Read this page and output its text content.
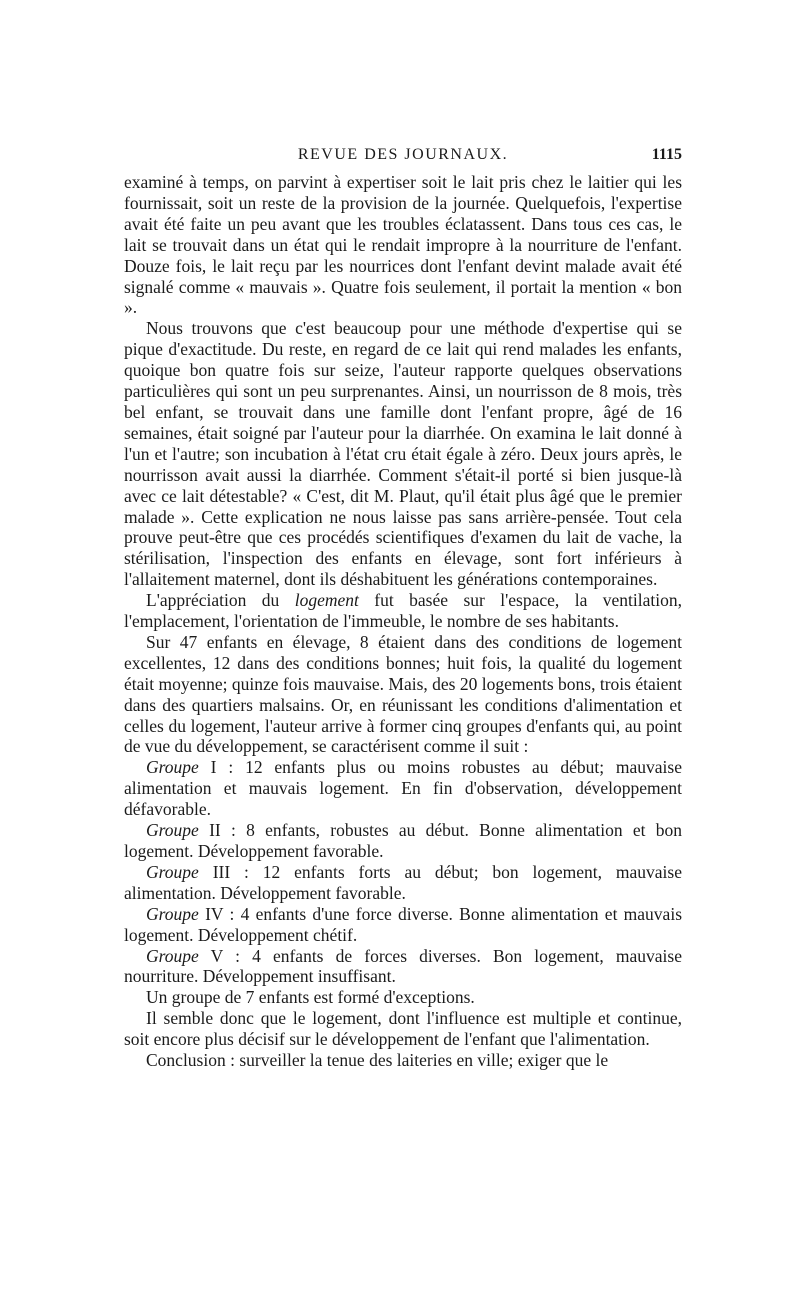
REVUE DES JOURNAUX.	1115

examiné à temps, on parvint à expertiser soit le lait pris chez le laitier qui les fournissait, soit un reste de la provision de la journée. Quelquefois, l'expertise avait été faite un peu avant que les troubles éclatassent. Dans tous ces cas, le lait se trouvait dans un état qui le rendait impropre à la nourriture de l'enfant. Douze fois, le lait reçu par les nourrices dont l'enfant devint malade avait été signalé comme « mauvais ». Quatre fois seulement, il portait la mention « bon ».

Nous trouvons que c'est beaucoup pour une méthode d'expertise qui se pique d'exactitude. Du reste, en regard de ce lait qui rend malades les enfants, quoique bon quatre fois sur seize, l'auteur rapporte quelques observations particulières qui sont un peu surprenantes. Ainsi, un nourrisson de 8 mois, très bel enfant, se trouvait dans une famille dont l'enfant propre, âgé de 16 semaines, était soigné par l'auteur pour la diarrhée. On examina le lait donné à l'un et l'autre; son incubation à l'état cru était égale à zéro. Deux jours après, le nourrisson avait aussi la diarrhée. Comment s'était-il porté si bien jusque-là avec ce lait détestable? « C'est, dit M. Plaut, qu'il était plus âgé que le premier malade ». Cette explication ne nous laisse pas sans arrière-pensée. Tout cela prouve peut-être que ces procédés scientifiques d'examen du lait de vache, la stérilisation, l'inspection des enfants en élevage, sont fort inférieurs à l'allaitement maternel, dont ils déshabituent les générations contemporaines.

L'appréciation du logement fut basée sur l'espace, la ventilation, l'emplacement, l'orientation de l'immeuble, le nombre de ses habitants.

Sur 47 enfants en élevage, 8 étaient dans des conditions de logement excellentes, 12 dans des conditions bonnes; huit fois, la qualité du logement était moyenne; quinze fois mauvaise. Mais, des 20 logements bons, trois étaient dans des quartiers malsains. Or, en réunissant les conditions d'alimentation et celles du logement, l'auteur arrive à former cinq groupes d'enfants qui, au point de vue du développement, se caractérisent comme il suit :

Groupe I : 12 enfants plus ou moins robustes au début; mauvaise alimentation et mauvais logement. En fin d'observation, développement défavorable.

Groupe II : 8 enfants, robustes au début. Bonne alimentation et bon logement. Développement favorable.

Groupe III : 12 enfants forts au début; bon logement, mauvaise alimentation. Développement favorable.

Groupe IV : 4 enfants d'une force diverse. Bonne alimentation et mauvais logement. Développement chétif.

Groupe V : 4 enfants de forces diverses. Bon logement, mauvaise nourriture. Développement insuffisant.

Un groupe de 7 enfants est formé d'exceptions.

Il semble donc que le logement, dont l'influence est multiple et continue, soit encore plus décisif sur le développement de l'enfant que l'alimentation.

Conclusion : surveiller la tenue des laiteries en ville; exiger que le
